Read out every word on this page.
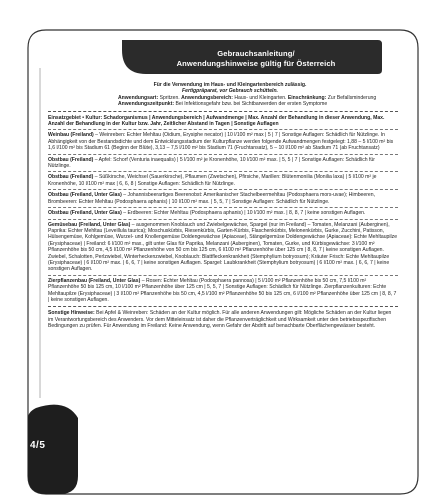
Gebrauchsanleitung/
Anwendungshinweise gültig für Österreich
Für die Verwendung im Haus- und Kleingartenbereich zulässig.
Fertigpräparat, vor Gebrauch schütteln.
Anwendungsart: Spritzen. Anwendungsbereich: Haus- und Kleingarten. Einschränkung: Zur Befallsminderung
Anwendungszeitpunkt: Bei Infektionsgefahr bzw. bei Sichtbarwerden der ersten Symptome

Einsatzgebiet • Kultur: Schadorganismus | Anwendungsbereich | Aufwandmenge | Max. Anzahl der Behandlung in dieser Anwendung, Max. Anzahl der Behandlung in der Kultur bzw. Jahr, Zeitlicher Abstand in Tagen | Sonstige Auflagen

Weinbau (Freiland) – Weinreben: Echter Mehltau (Oidium, Erysiphe necator) | 10 l/100 m² max | 5 | 7 | Sonstige Auflagen: Schädlich für Nützlinge. In Abhängigkeit von der Bestandsdichte und dem Entwicklungsstadium der Kulturpflanze werden folgende Aufwandmengen festgelegt: 1,88 – 5 l/100 m² bis 1,6 l/100 m² bis Stadium 61 (Beginn der Blüte), 3,13 – 7,5 l/100 m² bis Stadium 71 (Fruchtansatz), 5 – 10 l/100 m² ab Stadium 71 (ab Fruchtansatz)

Obstbau (Freiland) – Apfel: Schorf (Venturia inaequalis) | 5 l/100 m² je Kronenhöhe, 10 l/100 m² max. | 5, 5 | 7 | Sonstige Auflagen: Schädlich für Nützlinge.

Obstbau (Freiland) – Süßkirsche, Weichsel (Sauerkirsche), Pflaumen (Zwetschen), Pfirsiche, Marillen: Blütenmonilia (Monilia laxa) | 5 l/100 m² je Kronenhöhe, 10 l/100 m² max | 6, 6, 8 | Sonstige Auflagen: Schädlich für Nützlinge.

Obstbau (Freiland, Unter Glas) – Johannisbeerartiges Beerenobst: Amerikanischer Stachelbeermehltau (Podosphaera mors-uvae); Himbeeren, Brombeeren: Echter Mehltau (Podosphaera aphanis) | 10 l/100 m² max. | 5, 5, 7 | Sonstige Auflagen: Schädlich für Nützlinge.

Obstbau (Freiland, Unter Glas) – Erdbeeren: Echter Mehltau (Podosphaera aphanis) | 10 l/100 m² max. | 8, 8, 7 | keine sonstigen Auflagen.

Gemüsebau (Freiland, Unter Glas) – ausgenommen Knoblauch und Zwiebelgewächse, Spargel (nur im Freiland) – Tomaten, Melanzani (Auberginen), Paprika: Echter Mehltau (Leveillula taurica); Moschuskürbis, Riesenkürbis, Garten-Kürbis, Flaschenkürbis, Melonenkürbis, Gurke, Zucchini, Patisson, Hülsengemüse, Kohlgemüse, Wurzel- und Knollengemüse Doldengewächse (Apiaceae), Stängelgemüse Doldengewächse (Apiaceae): Echte Mehltaupilze (Erysiphaceae) | Freiland: 6 l/100 m² max., gilt unter Glas für Paprika, Melanzani (Auberginen), Tomaten, Gurke, und Kürbisgewächse: 3 l/100 m² Pflanzenhöhe bis 50 cm, 4,5 l/100 m² Pflanzenhöhe von 50 cm bis 125 cm, 6 l/100 m² Pflanzenhöhe über 125 cm | 8, 8, 7 | keine sonstigen Auflagen. Zwiebel, Schalotten, Perlzwiebel, Winterheckenzwiebel, Knoblauch: Blattfleckenkrankheit (Stemphylium botryosum); Kräuter Frisch: Echte Mehltaupilze (Erysiphaceae) | 6 l/100 m² max. | 6, 6, 7 | keine sonstigen Auflagen. Spargel: Laubkrankheit (Stemphylium botryosum) | 6 l/100 m² max. | 6, 6, 7 | keine sonstigen Auflagen.

Zierpflanzenbau (Freiland, Unter Glas) – Rosen: Echter Mehltau (Podosphaera pannosa) | 5 l/100 m² Pflanzenhöhe bis 50 cm, 7,5 l/100 m² Pflanzenhöhe 50 bis 125 cm, 10 l/100 m² Pflanzenhöhe über 125 cm | 5, 5, 7 | Sonstige Auflagen: Schädlich für Nützlinge. Zierpflanzenkulturen: Echte Mehltaupilze (Erysiphaceae) | 3 l/100 m² Pflanzenhöhe bis 50 cm, 4,5 l/100 m² Pflanzenhöhe 50 bis 125 cm, 6 l/100 m² Pflanzenhöhe über 125 cm | 8, 8, 7 | keine sonstigen Auflagen.

Sonstige Hinweise: Bei Apfel & Weinreben: Schäden an der Kultur möglich. Für alle anderen Anwendungen gilt: Mögliche Schäden an der Kultur liegen im Verantwortungsbereich des Anwenders. Vor dem Mitteleinsatz ist daher die Pflanzenverträglichkeit und Wirksamkeit unter den betriebsspezifischen Bedingungen zu prüfen. Für Anwendung im Freiland: Keine Anwendung, wenn Gefahr der Abdrift auf benachbarte Oberflächengewässer besteht.

4/5
